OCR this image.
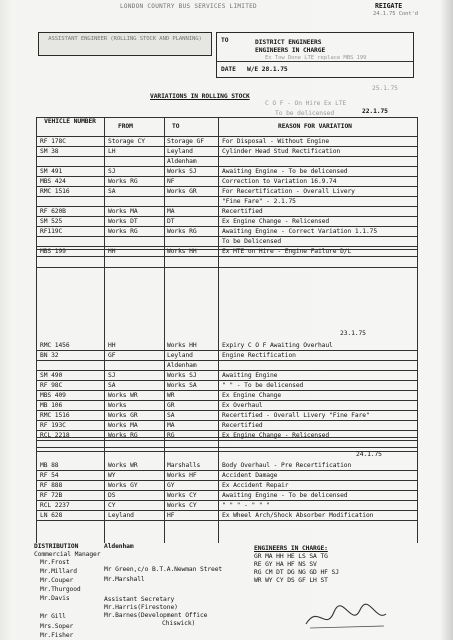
LONDON COUNTRY BUS SERVICES LIMITED	REIGATE
24.1.75 Cont'd
ASSISTANT ENGINEER (ROLLING STOCK AND PLANNING)	TO	DISTRICT ENGINEERS
ENGINEERS IN CHARGE
Ex Tow Done LTE replace MBS 199
DATE W/E 28.1.75
VARIATIONS IN ROLLING STOCK
25.1.75
C O F - On Hire Ex LTE
To be delicensed	22.1.75
VEHICLE NUMBER
FROM	TO	REASON FOR VARIATION
RF 178C	Storage CY	Storage GF	For Disposal - Without Engine
SM 38	LH	Leyland	Cylinder Head Stud Rectification
Aldenham
SM 491	SJ	Works SJ	Awaiting Engine - To be delicensed
MBS 424	Works RG	NF	Correction to Variation 16.9.74
RMC 1516	SA	Works GR	For Recertification - Overall Livery
"Fine Fare" - 2.1.75
RF 620B	Works MA	MA	Recertified
SM 525	Works DT	DT	Ex Engine Change - Relicensed
RF119C	Works RG	Works RG	Awaiting Engine - Correct Variation 1.1.75
To be Delicensed
MBS 199	HH	Works HH	Ex MTE on Hire - Engine Failure D/L
RMC 1456	HH	Works HH	Expiry C O F Awaiting Overhaul
BN 32	GF	Leyland	Engine Rectification
Aldenham
SM 490	SJ	Works SJ	Awaiting Engine
RF 98C	SA	Works SA	" " - To be delicensed
MBS 409	Works WR	WR	Ex Engine Change
MB 106	Works	GR	Ex Overhaul
RMC 1516	Works GR	SA	Recertified - Overall Livery "Fine Fare"
RF 193C	Works MA	MA	Recertified
RCL 2218	Works RG	RG	Ex Engine Change - Relicensed
MB 88	Works WR	Marshalls	Body Overhaul - Pre Recertification
RF 54	WY	Works HF	Accident Damage
RF 888	Works GY	GY	Ex Accident Repair
RF 72B	DS	Works CY	Awaiting Engine - To be delicensed
RCL 2237	CY	Works CY	" " " - " " "
LN 628	Leyland	HF	Ex Wheel Arch/Shock Absorber Modification
23.1.75
24.1.75
DISTRIBUTION	Aldenham
Commercial Manager
Mr.Frost
Mr.Millard
Mr.Couper
Mr.Thurgood
Mr.Davis
Mr Green,c/o B.T.A.Newman Street
Mr.Marshall
Assistant Secretary
Mr.Harris(Firestone)
Mr.Barnes(Development Office
Chiswick)
Mr Gill
Mrs.Soper
Mr.Fisher
ENGINEERS IN CHARGE:
GR MA HH HE LS SA TG
RE GY HA HF NS SV
RG CM DT DG NG GD HF SJ
WR WY CY DS GF LH ST
